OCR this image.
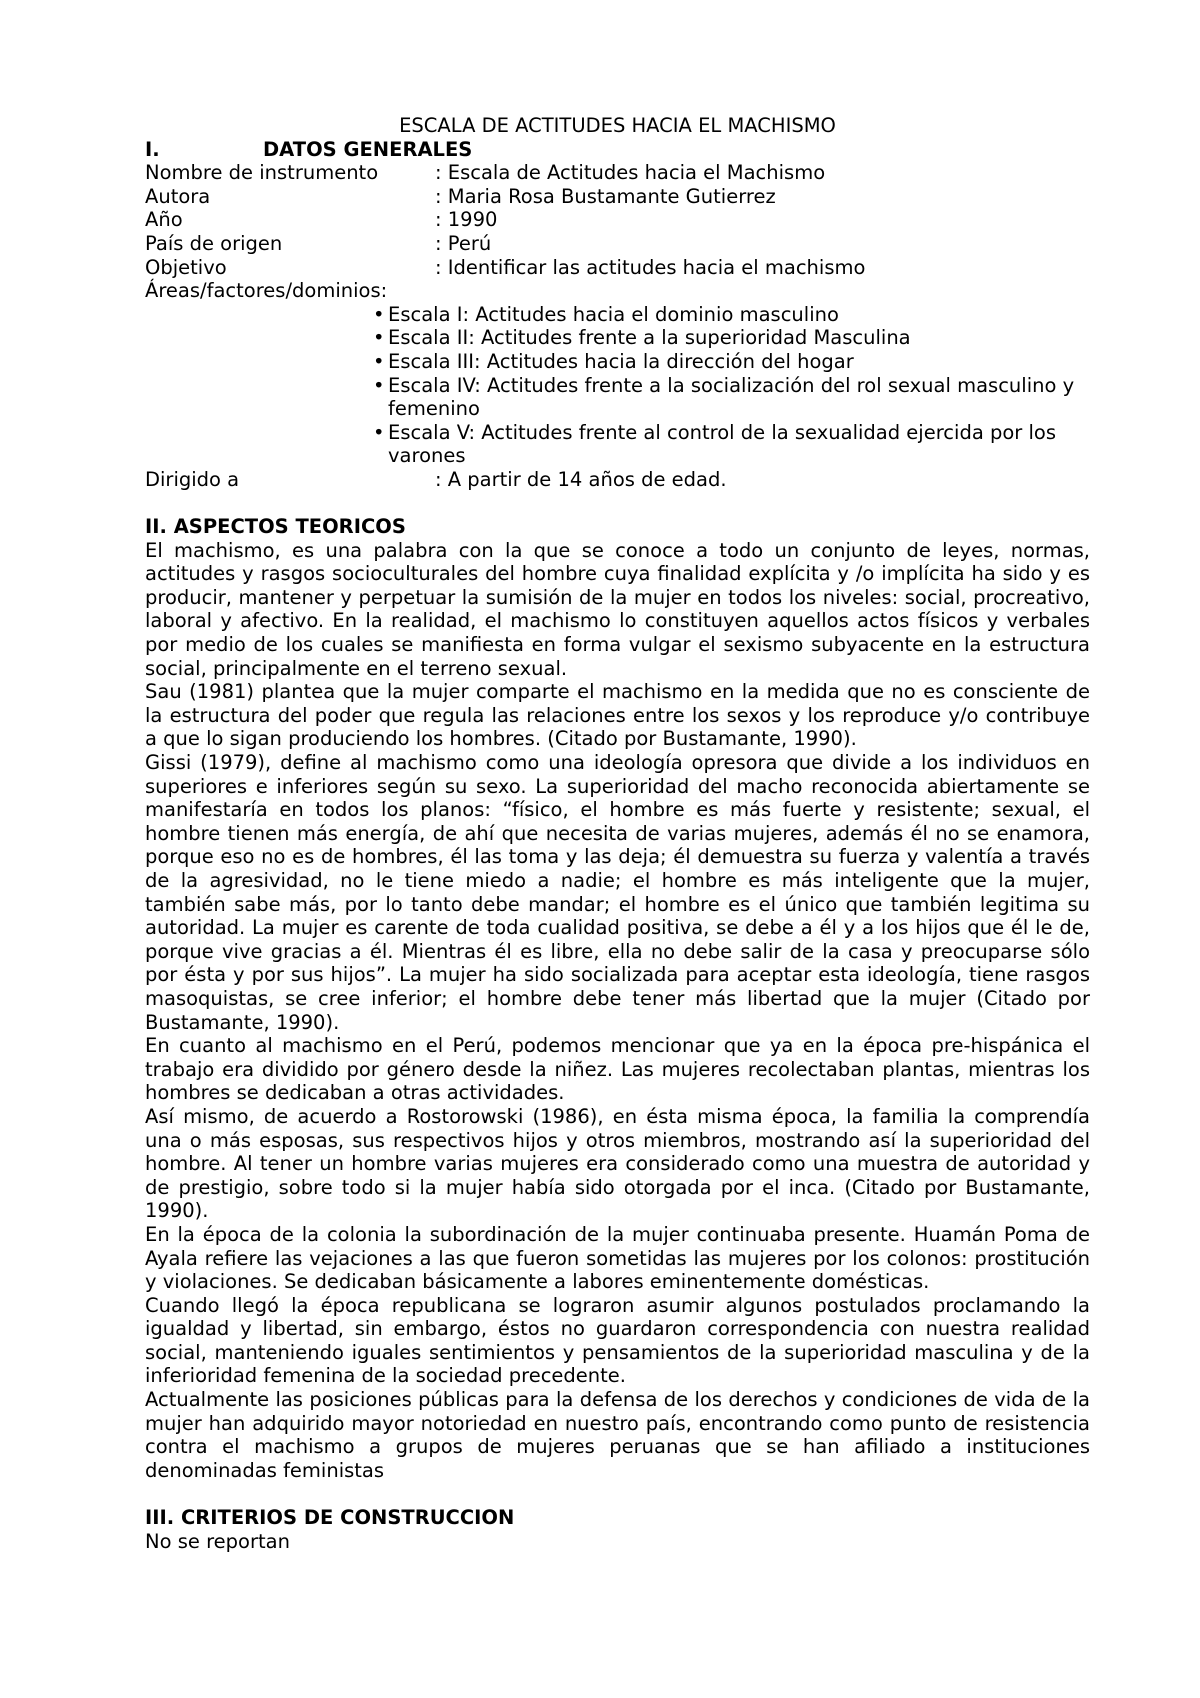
ESCALA DE ACTITUDES HACIA EL MACHISMO
I.	DATOS GENERALES
Nombre de instrumento	: Escala de Actitudes hacia el Machismo
Autora	: Maria Rosa Bustamante Gutierrez
Año	: 1990
País de origen	: Perú
Objetivo	: Identificar las actitudes hacia el machismo
Áreas/factores/dominios:
• Escala I: Actitudes hacia el dominio masculino
• Escala II: Actitudes frente a la superioridad Masculina
• Escala III: Actitudes hacia la dirección del hogar
• Escala IV: Actitudes frente a la socialización del rol sexual masculino y femenino
• Escala V: Actitudes frente al control de la sexualidad ejercida por los varones
Dirigido a	: A partir de 14 años de edad.
II. ASPECTOS TEORICOS

El machismo, es una palabra con la que se conoce a todo un conjunto de leyes, normas, actitudes y rasgos socioculturales del hombre cuya finalidad explícita y /o implícita ha sido y es producir, mantener y perpetuar la sumisión de la mujer en todos los niveles: social, procreativo, laboral y afectivo. En la realidad, el machismo lo constituyen aquellos actos físicos y verbales por medio de los cuales se manifiesta en forma vulgar el sexismo subyacente en la estructura social, principalmente en el terreno sexual.

Sau (1981) plantea que la mujer comparte el machismo en la medida que no es consciente de la estructura del poder que regula las relaciones entre los sexos y los reproduce y/o contribuye a que lo sigan produciendo los hombres. (Citado por Bustamante, 1990).

Gissi (1979), define al machismo como una ideología opresora que divide a los individuos en superiores e inferiores según su sexo. La superioridad del macho reconocida abiertamente se manifestaría en todos los planos: “físico, el hombre es más fuerte y resistente; sexual, el hombre tienen más energía, de ahí que necesita de varias mujeres, además él no se enamora, porque eso no es de hombres, él las toma y las deja; él demuestra su fuerza y valentía a través de la agresividad, no le tiene miedo a nadie; el hombre es más inteligente que la mujer, también sabe más, por lo tanto debe mandar; el hombre es el único que también legitima su autoridad. La mujer es carente de toda cualidad positiva, se debe a él y a los hijos que él le de, porque vive gracias a él. Mientras él es libre, ella no debe salir de la casa y preocuparse sólo por ésta y por sus hijos”. La mujer ha sido socializada para aceptar esta ideología, tiene rasgos masoquistas, se cree inferior; el hombre debe tener más libertad que la mujer (Citado por Bustamante, 1990).

En cuanto al machismo en el Perú, podemos mencionar que ya en la época pre-hispánica el trabajo era dividido por género desde la niñez. Las mujeres recolectaban plantas, mientras los hombres se dedicaban a otras actividades.

Así mismo, de acuerdo a Rostorowski (1986), en ésta misma época, la familia la comprendía una o más esposas, sus respectivos hijos y otros miembros, mostrando así la superioridad del hombre. Al tener un hombre varias mujeres era considerado como una muestra de autoridad y de prestigio, sobre todo si la mujer había sido otorgada por el inca. (Citado por Bustamante, 1990).

En la época de la colonia la subordinación de la mujer continuaba presente. Huamán Poma de Ayala refiere las vejaciones a las que fueron sometidas las mujeres por los colonos: prostitución y violaciones. Se dedicaban básicamente a labores eminentemente domésticas.

Cuando llegó la época republicana se lograron asumir algunos postulados proclamando la igualdad y libertad, sin embargo, éstos no guardaron correspondencia con nuestra realidad social, manteniendo iguales sentimientos y pensamientos de la superioridad masculina y de la inferioridad femenina de la sociedad precedente.

Actualmente las posiciones públicas para la defensa de los derechos y condiciones de vida de la mujer han adquirido mayor notoriedad en nuestro país, encontrando como punto de resistencia contra el machismo a grupos de mujeres peruanas que se han afiliado a instituciones denominadas feministas

III. CRITERIOS DE CONSTRUCCION

No se reportan
